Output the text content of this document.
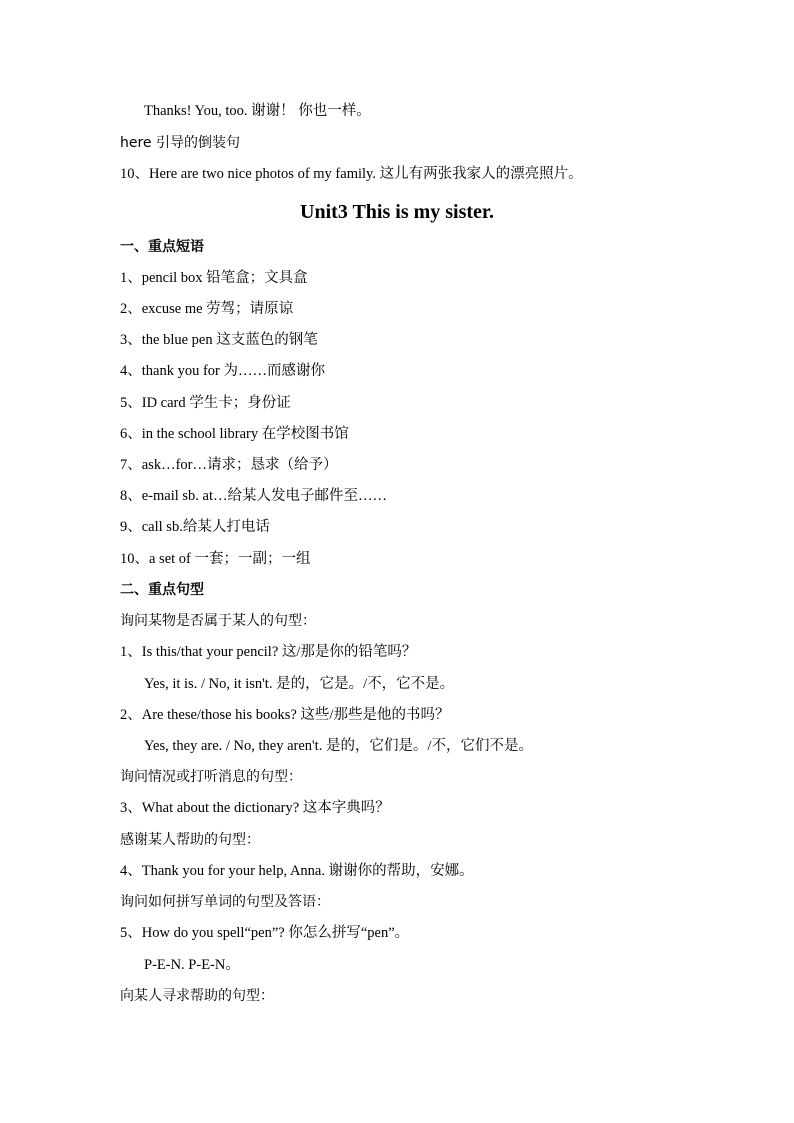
Thanks! You, too. 谢谢！ 你也一样。
here 引导的倒装句
10、Here are two nice photos of my family. 这儿有两张我家人的漂亮照片。
Unit3 This is my sister.
一、重点短语
1、pencil box 铅笔盒；文具盒
2、excuse me 劳驾；请原谅
3、the blue pen 这支蓝色的钢笔
4、thank you for 为……而感谢你
5、ID card 学生卡；身份证
6、in the school library 在学校图书馆
7、ask…for…请求；恳求（给予）
8、e-mail sb. at…给某人发电子邮件至……
9、call sb.给某人打电话
10、a set of 一套；一副；一组
二、重点句型
询问某物是否属于某人的句型：
1、Is this/that your pencil? 这/那是你的铅笔吗？
Yes, it is. / No, it isn't. 是的，它是。/不，它不是。
2、Are these/those his books? 这些/那些是他的书吗？
Yes, they are. / No, they aren't. 是的，它们是。/不，它们不是。
询问情况或打听消息的句型：
3、What about the dictionary? 这本字典吗？
感谢某人帮助的句型：
4、Thank you for your help, Anna. 谢谢你的帮助，安娜。
询问如何拼写单词的句型及答语：
5、How do you spell“pen”? 你怎么拼写“pen”。
P-E-N. P-E-N。
向某人寻求帮助的句型：
